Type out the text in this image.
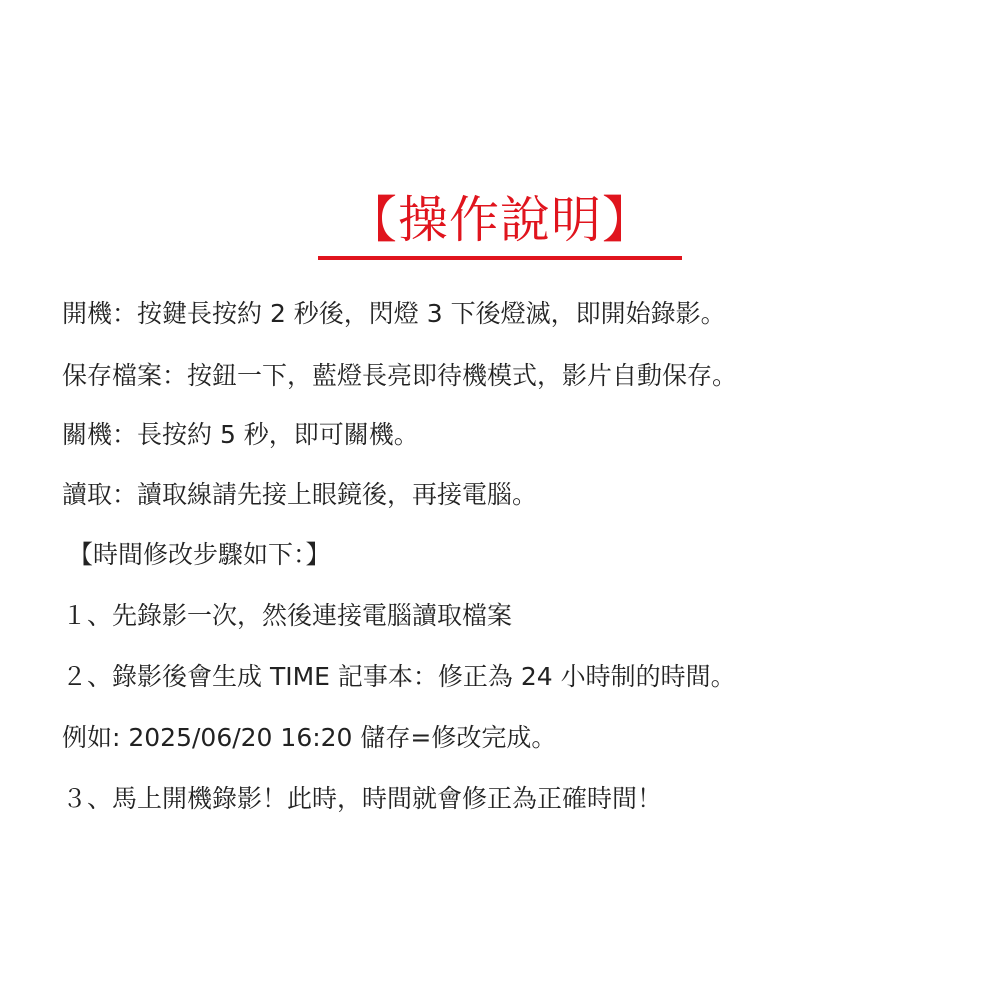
【操作說明】
開機：按鍵長按約 2 秒後，閃燈 3 下後燈滅，即開始錄影。
保存檔案：按鈕一下，藍燈長亮即待機模式，影片自動保存。
關機：長按約 5 秒，即可關機。
讀取：讀取線請先接上眼鏡後，再接電腦。
【時間修改步驟如下：】
１、先錄影一次，然後連接電腦讀取檔案
２、錄影後會生成 TIME 記事本：修正為 24 小時制的時間。
例如: 2025/06/20 16:20 儲存=修改完成。
３、馬上開機錄影！此時，時間就會修正為正確時間！
